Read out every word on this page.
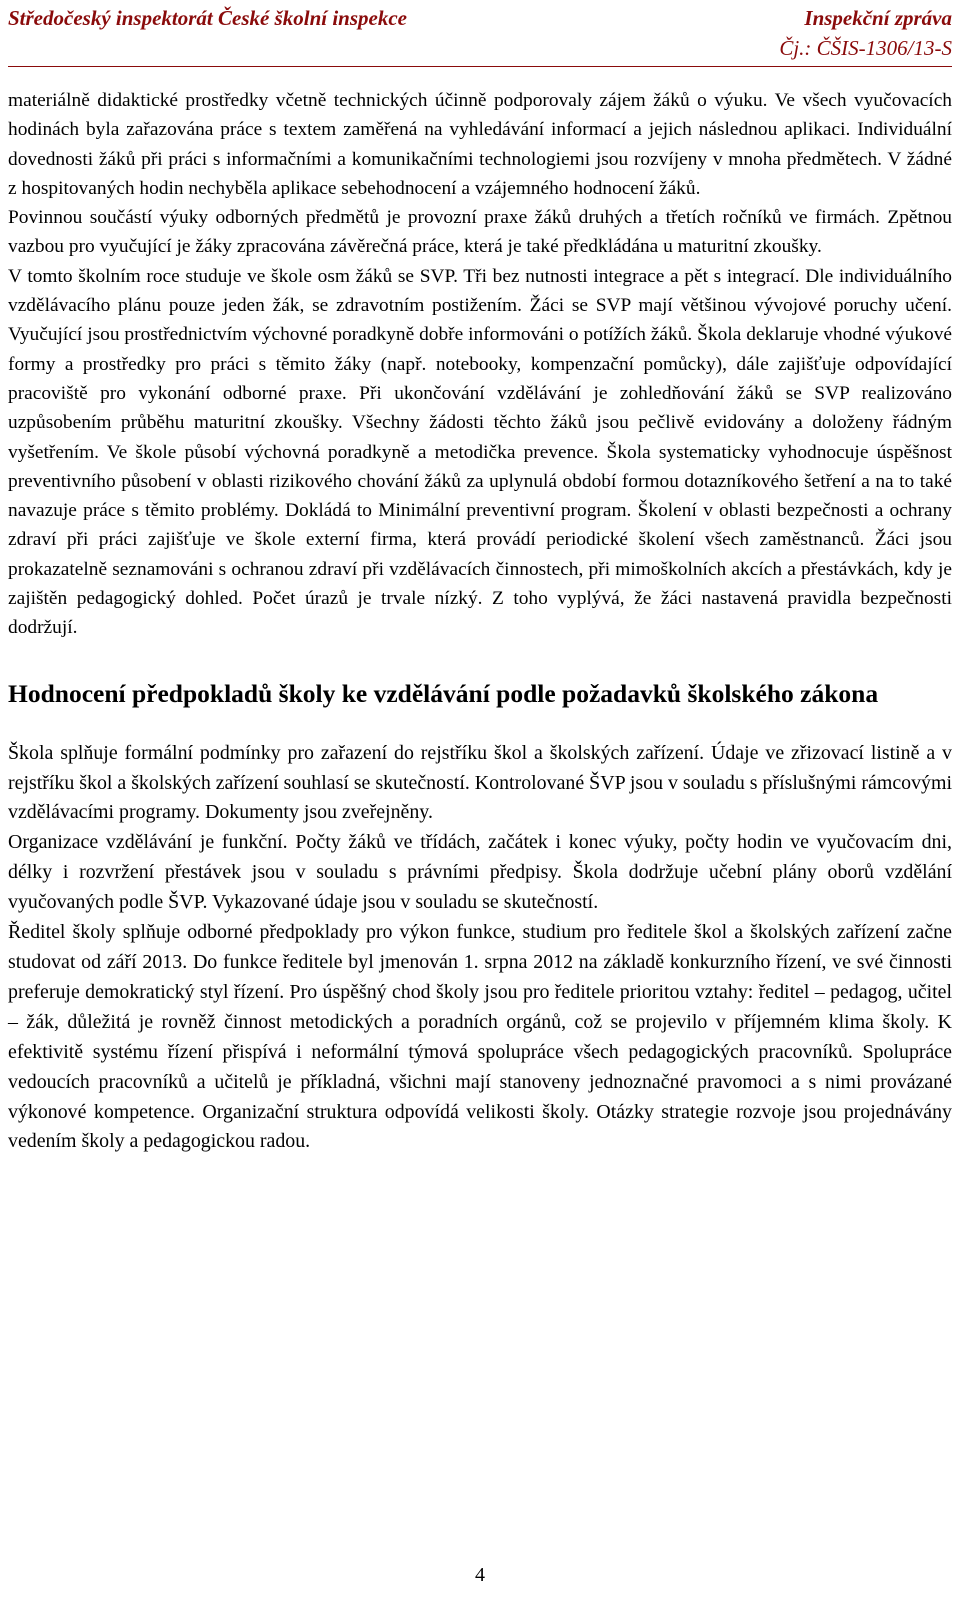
Středočeský inspektorát České školní inspekce	Inspekční zpráva
Čj.: ČŠIS-1306/13-S

materiálně didaktické prostředky včetně technických účinně podporovaly zájem žáků o výuku. Ve všech vyučovacích hodinách byla zařazována práce s textem zaměřená na vyhledávání informací a jejich následnou aplikaci. Individuální dovednosti žáků při práci s informačními a komunikačními technologiemi jsou rozvíjeny v mnoha předmětech. V žádné z hospitovaných hodin nechyběla aplikace sebehodnocení a vzájemného hodnocení žáků.

Povinnou součástí výuky odborných předmětů je provozní praxe žáků druhých a třetích ročníků ve firmách. Zpětnou vazbou pro vyučující je žáky zpracována závěrečná práce, která je také předkládána u maturitní zkoušky.

V tomto školním roce studuje ve škole osm žáků se SVP. Tři bez nutnosti integrace a pět s integrací. Dle individuálního vzdělávacího plánu pouze jeden žák, se zdravotním postižením. Žáci se SVP mají většinou vývojové poruchy učení. Vyučující jsou prostřednictvím výchovné poradkyně dobře informováni o potížích žáků. Škola deklaruje vhodné výukové formy a prostředky pro práci s těmito žáky (např. notebooky, kompenzační pomůcky), dále zajišťuje odpovídající pracoviště pro vykonání odborné praxe. Při ukončování vzdělávání je zohledňování žáků se SVP realizováno uzpůsobením průběhu maturitní zkoušky. Všechny žádosti těchto žáků jsou pečlivě evidovány a doloženy řádným vyšetřením. Ve škole působí výchovná poradkyně a metodička prevence. Škola systematicky vyhodnocuje úspěšnost preventivního působení v oblasti rizikového chování žáků za uplynulá období formou dotazníkového šetření a na to také navazuje práce s těmito problémy. Dokládá to Minimální preventivní program. Školení v oblasti bezpečnosti a ochrany zdraví při práci zajišťuje ve škole externí firma, která provádí periodické školení všech zaměstnanců. Žáci jsou prokazatelně seznamováni s ochranou zdraví při vzdělávacích činnostech, při mimoškolních akcích a přestávkách, kdy je zajištěn pedagogický dohled. Počet úrazů je trvale nízký. Z toho vyplývá, že žáci nastavená pravidla bezpečnosti dodržují.

Hodnocení předpokladů školy ke vzdělávání podle požadavků školského zákona

Škola splňuje formální podmínky pro zařazení do rejstříku škol a školských zařízení. Údaje ve zřizovací listině a v rejstříku škol a školských zařízení souhlasí se skutečností. Kontrolované ŠVP jsou v souladu s příslušnými rámcovými vzdělávacími programy. Dokumenty jsou zveřejněny.

Organizace vzdělávání je funkční. Počty žáků ve třídách, začátek i konec výuky, počty hodin ve vyučovacím dni, délky i rozvržení přestávek jsou v souladu s právními předpisy. Škola dodržuje učební plány oborů vzdělání vyučovaných podle ŠVP. Vykazované údaje jsou v souladu se skutečností.

Ředitel školy splňuje odborné předpoklady pro výkon funkce, studium pro ředitele škol a školských zařízení začne studovat od září 2013. Do funkce ředitele byl jmenován 1. srpna 2012 na základě konkurzního řízení, ve své činnosti preferuje demokratický styl řízení. Pro úspěšný chod školy jsou pro ředitele prioritou vztahy: ředitel – pedagog, učitel – žák, důležitá je rovněž činnost metodických a poradních orgánů, což se projevilo v příjemném klima školy. K efektivitě systému řízení přispívá i neformální týmová spolupráce všech pedagogických pracovníků. Spolupráce vedoucích pracovníků a učitelů je příkladná, všichni mají stanoveny jednoznačné pravomoci a s nimi provázané výkonové kompetence. Organizační struktura odpovídá velikosti školy. Otázky strategie rozvoje jsou projednávány vedením školy a pedagogickou radou.

4
